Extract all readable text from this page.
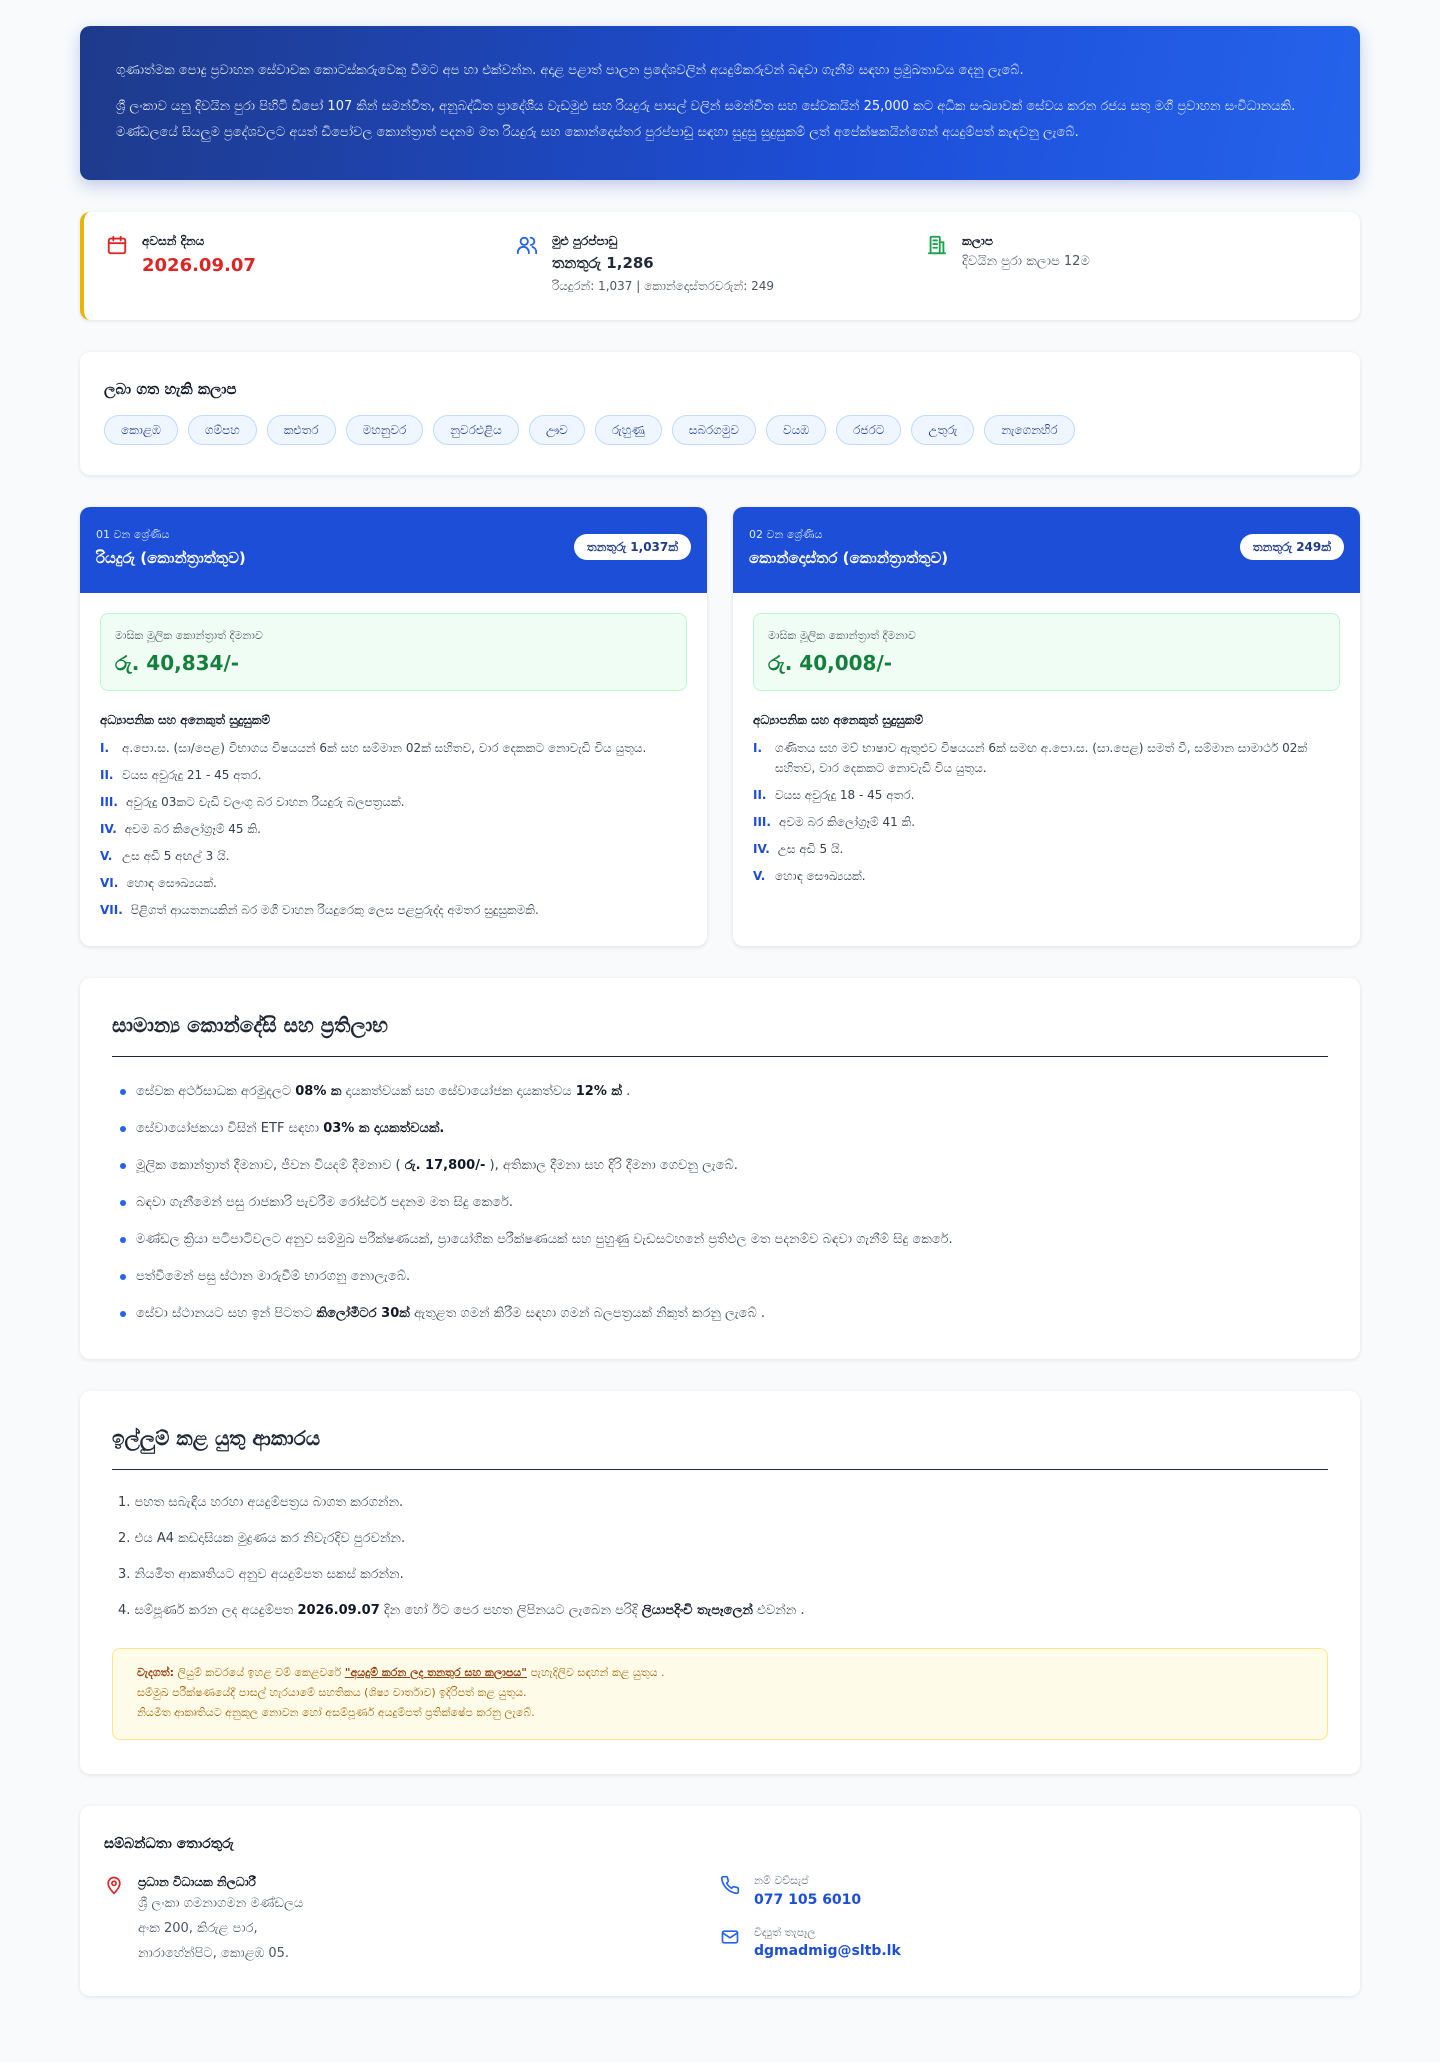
ගුණාත්මක පොදු ප්‍රවාහන සේවාවක කොටස්කරුවෙකු වීමට අප හා එක්වන්න. අදාළ පළාත් පාලන ප්‍රදේශවලින් අයදුම්කරුවන් බඳවා ගැනීම සඳහා ප්‍රමුඛතාවය දෙනු ලැබේ.

ශ්‍රී ලංකාව යනු දිවයින පුරා පිහිටි ඩිපෝ 107 කින් සමන්විත, අනුබද්ධිත ප්‍රාදේශීය වැඩමුළු සහ රියදුරු පාසල් වලින් සමන්විත සහ සේවකයින් 25,000 කට අධික සංඛ්‍යාවක් සේවය කරන රජය සතු මගී ප්‍රවාහන සංවිධානයකි. මණ්ඩලයේ සියලුම ප්‍රදේශවලට අයත් ඩිපෝවල කොන්ත්‍රාත් පදනම මත රියදුරු සහ කොන්දොස්තර පුරප්පාඩු සඳහා සුදුසු සුදුසුකම් ලත් අපේක්ෂකයින්ගෙන් අයදුම්පත් කැඳවනු ලැබේ.

අවසන් දිනය
2026.09.07
මුළු පුරප්පාඩු
තනතුරු 1,286
රියදුරන්: 1,037 | කොන්දොස්තරවරුන්: 249
කලාප
දිවයින පුරා කලාප 12ම
ලබා ගත හැකි කලාප
කොළඹ	ගම්පහ	කළුතර	මහනුවර	නුවරඑළිය	ඌව	රුහුණු	සබරගමුව	වයඹ	රජරට	උතුරු	නැගෙනහිර
01 වන ශ්‍රේණිය
රියදුරු (කොන්ත්‍රාත්තුව)
තනතුරු 1,037ක්
මාසික මූලික කොන්ත්‍රාත් දීමනාව
රු. 40,834/-
අධ්‍යාපනික සහ අනෙකුත් සුදුසුකම්
I.	අ.පො.ස. (සා/පෙළ) විභාගය විෂයයන් 6ක් සහ සම්මාන 02ක් සහිතව, වාර දෙකකට නොවැඩි විය යුතුය.
II. වයස අවුරුදු 21 - 45 අතර.
III. අවුරුදු 03කට වැඩි වලංගු බර වාහන රියදුරු බලපත්‍රයක්.
IV. අවම බර කිලෝග්‍රෑම් 45 කි.
V. උස අඩි 5 අඟල් 3 යි.
VI. හොඳ සෞඛ්‍යයක්.
VII. පිළිගත් ආයතනයකින් බර මගී වාහන රියදුරෙකු ලෙස පළපුරුද්ද අමතර සුදුසුකමකි.
02 වන ශ්‍රේණිය
කොන්දොස්තර (කොන්ත්‍රාත්තුව)
තනතුරු 249ක්
මාසික මූලික කොන්ත්‍රාත් දීමනාව
රු. 40,008/-
අධ්‍යාපනික සහ අනෙකුත් සුදුසුකම්
I.	ගණිතය සහ මව් භාෂාව ඇතුළුව විෂයයන් 6ක් සමඟ අ.පො.ස. (සා.පෙළ) සමත් වී, සම්මාන සාමාර්ථ 02ක් සහිතව, වාර දෙකකට නොවැඩි විය යුතුය.
II. වයස අවුරුදු 18 - 45 අතර.
III. අවම බර කිලෝග්‍රෑම් 41 කි.
IV. උස අඩි 5 යි.
V. හොඳ සෞඛ්‍යයක්.
සාමාන්‍ය කොන්දේසි සහ ප්‍රතිලාභ
සේවක අර්ථසාධක අරමුදලට 08% ක දායකත්වයක් සහ සේවායෝජක දායකත්වය 12% ක් .
සේවායෝජකයා විසින් ETF සඳහා 03% ක දායකත්වයක්.
මූලික කොන්ත්‍රාත් දීමනාව, ජීවන වියදම් දීමනාව ( රු. 17,800/- ), අතිකාල දීමනා සහ දිරි දීමනා ගෙවනු ලැබේ.
බඳවා ගැනීමෙන් පසු රාජකාරි පැවරීම රෝස්ටර් පදනම මත සිදු කෙරේ.
මණ්ඩල ක්‍රියා පටිපාටිවලට අනුව සම්මුඛ පරීක්ෂණයක්, ප්‍රායෝගික පරීක්ෂණයක් සහ පුහුණු වැඩසටහනේ ප්‍රතිඵල මත පදනම්ව බඳවා ගැනීම් සිදු කෙරේ.
පත්වීමෙන් පසු ස්ථාන මාරුවීම් භාරගනු නොලැබේ.
සේවා ස්ථානයට සහ ඉන් පිටතට කිලෝමීටර 30ක් ඇතුළත ගමන් කිරීම සඳහා ගමන් බලපත්‍රයක් නිකුත් කරනු ලැබේ .
ඉල්ලුම් කළ යුතු ආකාරය
1. පහත සබැඳිය හරහා අයදුම්පත්‍රය බාගත කරගන්න.
2. එය A4 කඩදාසියක මුද්‍රණය කර නිවැරදිව පුරවන්න.
3. නියමිත ආකෘතියට අනුව අයදුම්පත සකස් කරන්න.
4. සම්පූර්ණ කරන ලද අයදුම්පත 2026.09.07 දින හෝ ඊට පෙර පහත ලිපිනයට ලැබෙන පරිදි ලියාපදිංචි තැපෑලෙන් එවන්න .
වැදගත්: ලියුම් කවරයේ ඉහළ වම් කෙළවරේ "අයදුම් කරන ලද තනතුර සහ කලාපය" පැහැදිලිව සඳහන් කළ යුතුය .
සම්මුඛ පරීක්ෂණයේදී පාසල් හැරයාමේ සහතිකය (ශිෂ්‍ය වාර්තාව) ඉදිරිපත් කළ යුතුය.
නියමිත ආකෘතියට අනුකූල නොවන හෝ අසම්පූර්ණ අයදුම්පත් ප්‍රතික්ෂේප කරනු ලැබේ.
සම්බන්ධතා තොරතුරු
ප්‍රධාන විධායක නිලධාරී
ශ්‍රී ලංකා ගමනාගමන මණ්ඩලය
අංක 200, කිරුළ පාර,
නාරාහේන්පිට, කොළඹ 05.
නම් වච්සැප්
077 105 6010
විද්‍යුත් තැපෑල
dgmadmig@sltb.lk
